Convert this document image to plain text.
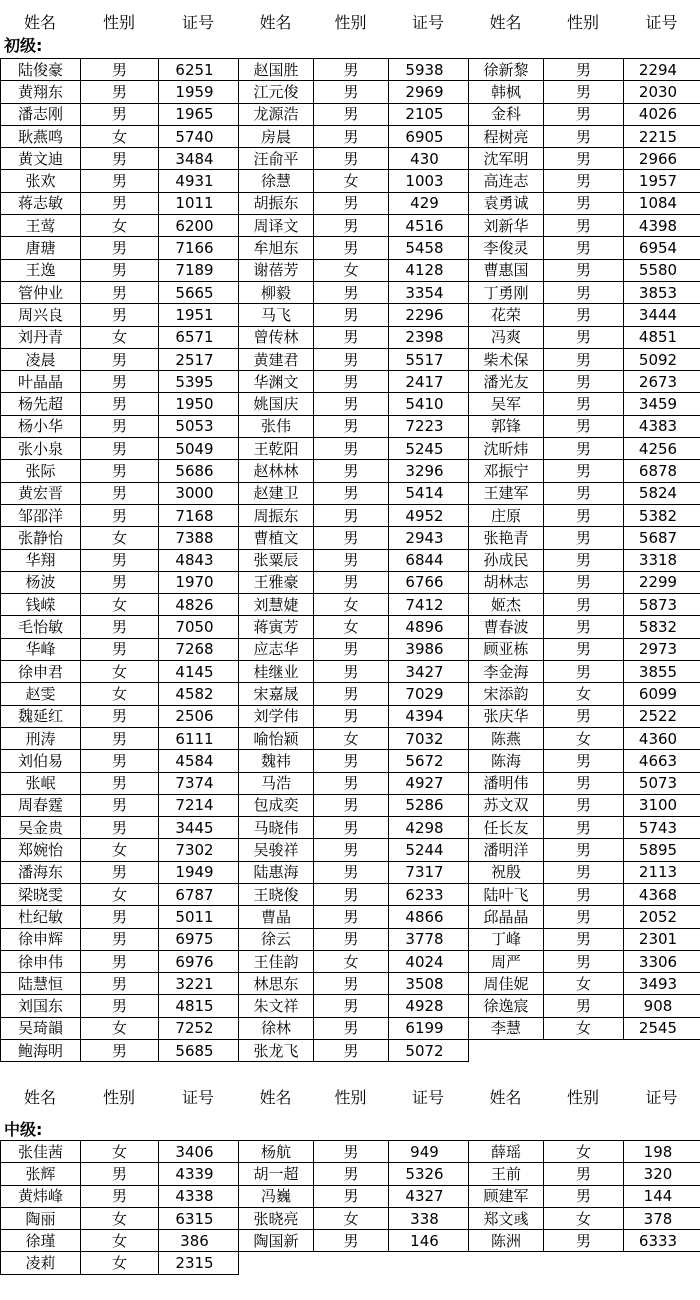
姓名	性别	证号	姓名	性别	证号	姓名	性别	证号
初级:
陆俊豪	男	6251	赵国胜	男	5938	徐新黎	男	2294
黄翔东	男	1959	江元俊	男	2969	韩枫	男	2030
潘志刚	男	1965	龙源浩	男	2105	金科	男	4026
耿燕鸣	女	5740	房晨	男	6905	程树亮	男	2215
黄文迪	男	3484	汪俞平	男	430	沈军明	男	2966
张欢	男	4931	徐慧	女	1003	高连志	男	1957
蒋志敏	男	1011	胡振东	男	429	袁勇诚	男	1084
王莺	女	6200	周译文	男	4516	刘新华	男	4398
唐瑭	男	7166	牟旭东	男	5458	李俊灵	男	6954
王逸	男	7189	谢蓓芳	女	4128	曹惠国	男	5580
管仲业	男	5665	柳毅	男	3354	丁勇刚	男	3853
周兴良	男	1951	马飞	男	2296	花荣	男	3444
刘丹青	女	6571	曾传林	男	2398	冯爽	男	4851
凌晨	男	2517	黄建君	男	5517	柴术保	男	5092
叶晶晶	男	5395	华渊文	男	2417	潘光友	男	2673
杨先超	男	1950	姚国庆	男	5410	吴军	男	3459
杨小华	男	5053	张伟	男	7223	郭锋	男	4383
张小泉	男	5049	王乾阳	男	5245	沈昕炜	男	4256
张际	男	5686	赵林林	男	3296	邓振宁	男	6878
黄宏晋	男	3000	赵建卫	男	5414	王建军	男	5824
邹邵洋	男	7168	周振东	男	4952	庄原	男	5382
张静怡	女	7388	曹植文	男	2943	张艳青	男	5687
华翔	男	4843	张粟辰	男	6844	孙成民	男	3318
杨波	男	1970	王雅豪	男	6766	胡林志	男	2299
钱嵘	女	4826	刘慧婕	女	7412	姬杰	男	5873
毛怡敏	男	7050	蒋寅芳	女	4896	曹春波	男	5832
华峰	男	7268	应志华	男	3986	顾亚栋	男	2973
徐申君	女	4145	桂继业	男	3427	李金海	男	3855
赵雯	女	4582	宋嘉晟	男	7029	宋添韵	女	6099
魏延红	男	2506	刘学伟	男	4394	张庆华	男	2522
刑涛	男	6111	喻怡颖	女	7032	陈燕	女	4360
刘伯易	男	4584	魏祎	男	5672	陈海	男	4663
张岷	男	7374	马浩	男	4927	潘明伟	男	5073
周春霆	男	7214	包成奕	男	5286	苏文双	男	3100
吴金贵	男	3445	马晓伟	男	4298	任长友	男	5743
郑婉怡	女	7302	吴骏祥	男	5244	潘明洋	男	5895
潘海东	男	1949	陆惠海	男	7317	祝殷	男	2113
梁晓雯	女	6787	王晓俊	男	6233	陆叶飞	男	4368
杜纪敏	男	5011	曹晶	男	4866	邱晶晶	男	2052
徐申辉	男	6975	徐云	男	3778	丁峰	男	2301
徐申伟	男	6976	王佳韵	女	4024	周严	男	3306
陆慧恒	男	3221	林思东	男	3508	周佳妮	女	3493
刘国东	男	4815	朱文祥	男	4928	徐逸宸	男	908
吴琦韻	女	7252	徐林	男	6199	李慧	女	2545
鲍海明	男	5685	张龙飞	男	5072			
姓名	性别	证号	姓名	性别	证号	姓名	性别	证号
中级:
张佳茜	女	3406	杨航	男	949	薛瑶	女	198
张辉	男	4339	胡一超	男	5326	王前	男	320
黄炜峰	男	4338	冯巍	男	4327	顾建军	男	144
陶丽	女	6315	张晓亮	女	338	郑文彧	女	378
徐瑾	女	386	陶国新	男	146	陈洲	男	6333
凌莉	女	2315						
